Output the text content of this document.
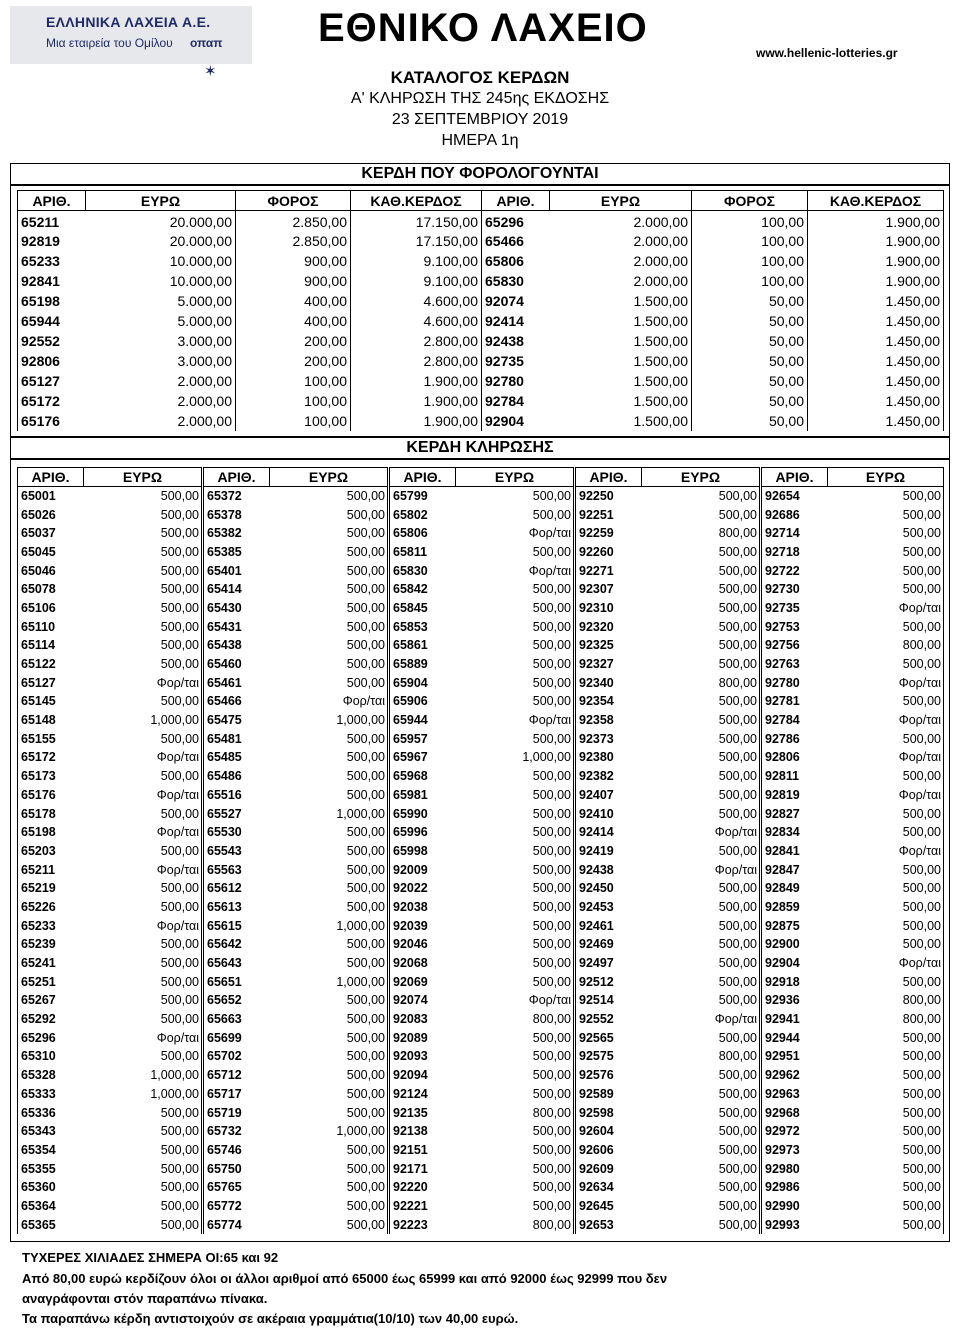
ΕΛΛΗΝΙΚΑ ΛΑΧΕΙΑ Α.Ε.
Μια εταιρεία του Ομίλου
✶
οπαπ ΕΘΝΙΚΟ ΛΑΧΕΙΟ
www.hellenic-lotteries.gr
ΚΑΤΑΛΟΓΟΣ ΚΕΡΔΩΝ
Α' ΚΛΗΡΩΣΗ ΤΗΣ 245ης ΕΚΔΟΣΗΣ
23 ΣΕΠΤΕΜΒΡΙΟΥ 2019
ΗΜΕΡΑ 1η
ΚΕΡΔΗ ΠΟΥ ΦΟΡΟΛΟΓΟΥΝΤΑΙ
ΑΡΙΘ.	ΕΥΡΩ	ΦΟΡΟΣ	ΚΑΘ.ΚΕΡΔΟΣ
65211	20.000,00	2.850,00	17.150,00
92819	20.000,00	2.850,00	17.150,00
65233	10.000,00	900,00	9.100,00
92841	10.000,00	900,00	9.100,00
65198	5.000,00	400,00	4.600,00
65944	5.000,00	400,00	4.600,00
92552	3.000,00	200,00	2.800,00
92806	3.000,00	200,00	2.800,00
65127	2.000,00	100,00	1.900,00
65172	2.000,00	100,00	1.900,00
65176	2.000,00	100,00	1.900,00
ΑΡΙΘ.	ΕΥΡΩ	ΦΟΡΟΣ	ΚΑΘ.ΚΕΡΔΟΣ
65296	2.000,00	100,00	1.900,00
65466	2.000,00	100,00	1.900,00
65806	2.000,00	100,00	1.900,00
65830	2.000,00	100,00	1.900,00
92074	1.500,00	50,00	1.450,00
92414	1.500,00	50,00	1.450,00
92438	1.500,00	50,00	1.450,00
92735	1.500,00	50,00	1.450,00
92780	1.500,00	50,00	1.450,00
92784	1.500,00	50,00	1.450,00
92904	1.500,00	50,00	1.450,00
ΚΕΡΔΗ ΚΛΗΡΩΣΗΣ
ΑΡΙΘ.	ΕΥΡΩ
65001	500,00
65026	500,00
65037	500,00
65045	500,00
65046	500,00
65078	500,00
65106	500,00
65110	500,00
65114	500,00
65122	500,00
65127	Φορ/ται
65145	500,00
65148	1,000,00
65155	500,00
65172	Φορ/ται
65173	500,00
65176	Φορ/ται
65178	500,00
65198	Φορ/ται
65203	500,00
65211	Φορ/ται
65219	500,00
65226	500,00
65233	Φορ/ται
65239	500,00
65241	500,00
65251	500,00
65267	500,00
65292	500,00
65296	Φορ/ται
65310	500,00
65328	1,000,00
65333	1,000,00
65336	500,00
65343	500,00
65354	500,00
65355	500,00
65360	500,00
65364	500,00
65365	500,00
ΑΡΙΘ.	ΕΥΡΩ
65372	500,00
65378	500,00
65382	500,00
65385	500,00
65401	500,00
65414	500,00
65430	500,00
65431	500,00
65438	500,00
65460	500,00
65461	500,00
65466	Φορ/ται
65475	1,000,00
65481	500,00
65485	500,00
65486	500,00
65516	500,00
65527	1,000,00
65530	500,00
65543	500,00
65563	500,00
65612	500,00
65613	500,00
65615	1,000,00
65642	500,00
65643	500,00
65651	1,000,00
65652	500,00
65663	500,00
65699	500,00
65702	500,00
65712	500,00
65717	500,00
65719	500,00
65732	1,000,00
65746	500,00
65750	500,00
65765	500,00
65772	500,00
65774	500,00
ΑΡΙΘ.	ΕΥΡΩ
65799	500,00
65802	500,00
65806	Φορ/ται
65811	500,00
65830	Φορ/ται
65842	500,00
65845	500,00
65853	500,00
65861	500,00
65889	500,00
65904	500,00
65906	500,00
65944	Φορ/ται
65957	500,00
65967	1,000,00
65968	500,00
65981	500,00
65990	500,00
65996	500,00
65998	500,00
92009	500,00
92022	500,00
92038	500,00
92039	500,00
92046	500,00
92068	500,00
92069	500,00
92074	Φορ/ται
92083	800,00
92089	500,00
92093	500,00
92094	500,00
92124	500,00
92135	800,00
92138	500,00
92151	500,00
92171	500,00
92220	500,00
92221	500,00
92223	800,00
ΑΡΙΘ.	ΕΥΡΩ
92250	500,00
92251	500,00
92259	800,00
92260	500,00
92271	500,00
92307	500,00
92310	500,00
92320	500,00
92325	500,00
92327	500,00
92340	800,00
92354	500,00
92358	500,00
92373	500,00
92380	500,00
92382	500,00
92407	500,00
92410	500,00
92414	Φορ/ται
92419	500,00
92438	Φορ/ται
92450	500,00
92453	500,00
92461	500,00
92469	500,00
92497	500,00
92512	500,00
92514	500,00
92552	Φορ/ται
92565	500,00
92575	800,00
92576	500,00
92589	500,00
92598	500,00
92604	500,00
92606	500,00
92609	500,00
92634	500,00
92645	500,00
92653	500,00
ΑΡΙΘ.	ΕΥΡΩ
92654	500,00
92686	500,00
92714	500,00
92718	500,00
92722	500,00
92730	500,00
92735	Φορ/ται
92753	500,00
92756	800,00
92763	500,00
92780	Φορ/ται
92781	500,00
92784	Φορ/ται
92786	500,00
92806	Φορ/ται
92811	500,00
92819	Φορ/ται
92827	500,00
92834	500,00
92841	Φορ/ται
92847	500,00
92849	500,00
92859	500,00
92875	500,00
92900	500,00
92904	Φορ/ται
92918	500,00
92936	800,00
92941	800,00
92944	500,00
92951	500,00
92962	500,00
92963	500,00
92968	500,00
92972	500,00
92973	500,00
92980	500,00
92986	500,00
92990	500,00
92993	500,00
ΤΥΧΕΡΕΣ ΧΙΛΙΑΔΕΣ ΣΗΜΕΡΑ ΟΙ:65 και 92
Από 80,00 ευρώ κερδίζουν όλοι οι άλλοι αριθμοί από 65000 έως 65999 και από 92000 έως 92999 που δεν
αναγράφονται στόν παραπάνω πίνακα.
Τα παραπάνω κέρδη αντιστοιχούν σε ακέραια γραμμάτια(10/10) των 40,00 ευρώ.
